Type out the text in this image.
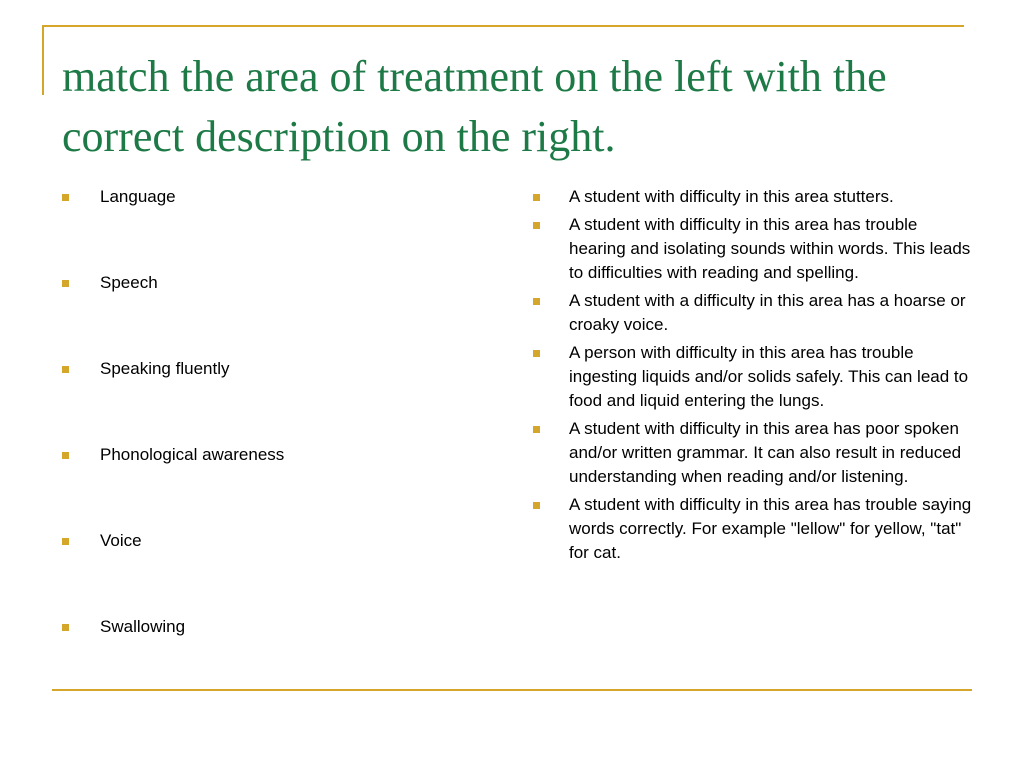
match the area of treatment on the left with the correct description on the right.
Language
Speech
Speaking fluently
Phonological awareness
Voice
Swallowing
A student with difficulty in this area stutters.
A student with difficulty in this area has trouble hearing and isolating sounds within words. This leads to difficulties with reading and spelling.
A student with a difficulty in this area has a hoarse or croaky voice.
A person with difficulty in this area has trouble ingesting liquids and/or solids safely. This can lead to food and liquid entering the lungs.
A student with difficulty in this area has poor spoken and/or written grammar. It can also result in reduced understanding when reading and/or listening.
A student with difficulty in this area has trouble saying words correctly. For example "lellow" for yellow, "tat" for cat.
